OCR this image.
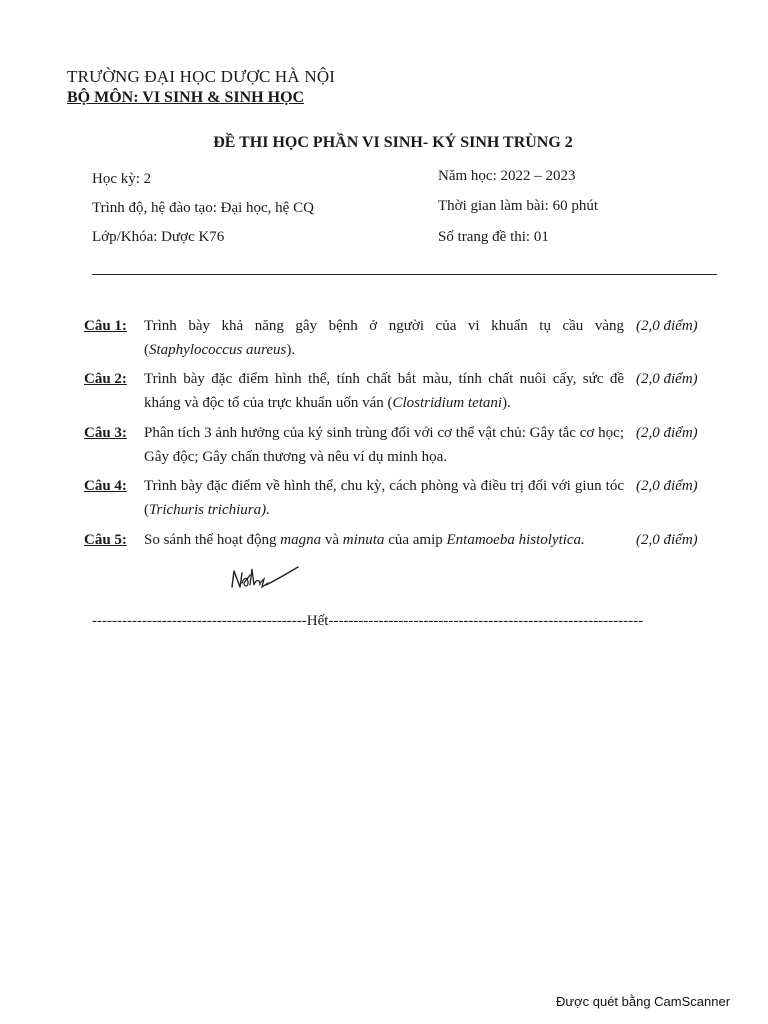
TRƯỜNG ĐẠI HỌC DƯỢC HÀ NỘI
BỘ MÔN: VI SINH & SINH HỌC
ĐỀ THI HỌC PHẦN VI SINH- KÝ SINH TRÙNG 2
Học kỳ: 2
Trình độ, hệ đào tạo: Đại học, hệ CQ
Lớp/Khóa: Dược K76
Năm học: 2022 – 2023
Thời gian làm bài: 60 phút
Số trang đề thi: 01
Câu 1: Trình bày khả năng gây bệnh ở người của vi khuẩn tụ cầu vàng (Staphylococcus aureus).
(2,0 điểm)
Câu 2: Trình bày đặc điểm hình thể, tính chất bắt màu, tính chất nuôi cấy, sức đề kháng và độc tố của trực khuẩn uốn ván (Clostridium tetani).
(2,0 điểm)
Câu 3: Phân tích 3 ảnh hưởng của ký sinh trùng đối với cơ thể vật chủ: Gây tắc cơ học; Gây độc; Gây chấn thương và nêu ví dụ minh họa.
(2,0 điểm)
Câu 4: Trình bày đặc điểm về hình thể, chu kỳ, cách phòng và điều trị đối với giun tóc (Trichuris trichiura).
(2,0 điểm)
Câu 5: So sánh thể hoạt động magna và minuta của amip Entamoeba histolytica.	(2,0 điểm)
-------------------------------------------Hết---------------------------------------------------------------
Được quét bằng CamScanner
